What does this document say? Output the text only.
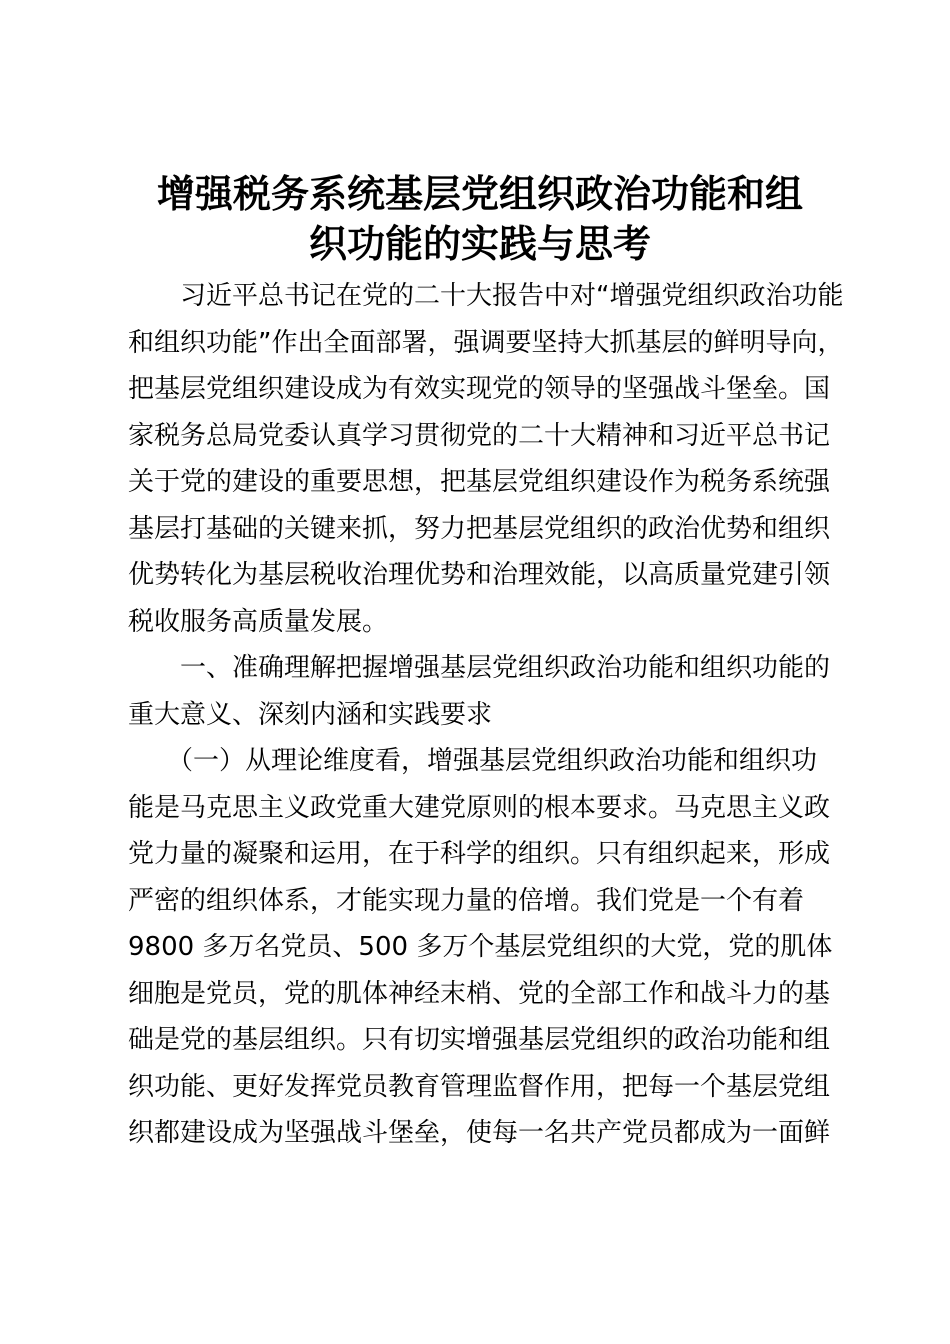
增强税务系统基层党组织政治功能和组
织功能的实践与思考
　　习近平总书记在党的二十大报告中对“增强党组织政治功能
和组织功能”作出全面部署，强调要坚持大抓基层的鲜明导向，
把基层党组织建设成为有效实现党的领导的坚强战斗堡垒。国
家税务总局党委认真学习贯彻党的二十大精神和习近平总书记
关于党的建设的重要思想，把基层党组织建设作为税务系统强
基层打基础的关键来抓，努力把基层党组织的政治优势和组织
优势转化为基层税收治理优势和治理效能，以高质量党建引领
税收服务高质量发展。
　　一、准确理解把握增强基层党组织政治功能和组织功能的
重大意义、深刻内涵和实践要求
　　（一）从理论维度看，增强基层党组织政治功能和组织功
能是马克思主义政党重大建党原则的根本要求。马克思主义政
党力量的凝聚和运用，在于科学的组织。只有组织起来，形成
严密的组织体系，才能实现力量的倍增。我们党是一个有着
9800 多万名党员、500 多万个基层党组织的大党，党的肌体
细胞是党员，党的肌体神经末梢、党的全部工作和战斗力的基
础是党的基层组织。只有切实增强基层党组织的政治功能和组
织功能、更好发挥党员教育管理监督作用，把每一个基层党组
织都建设成为坚强战斗堡垒，使每一名共产党员都成为一面鲜
